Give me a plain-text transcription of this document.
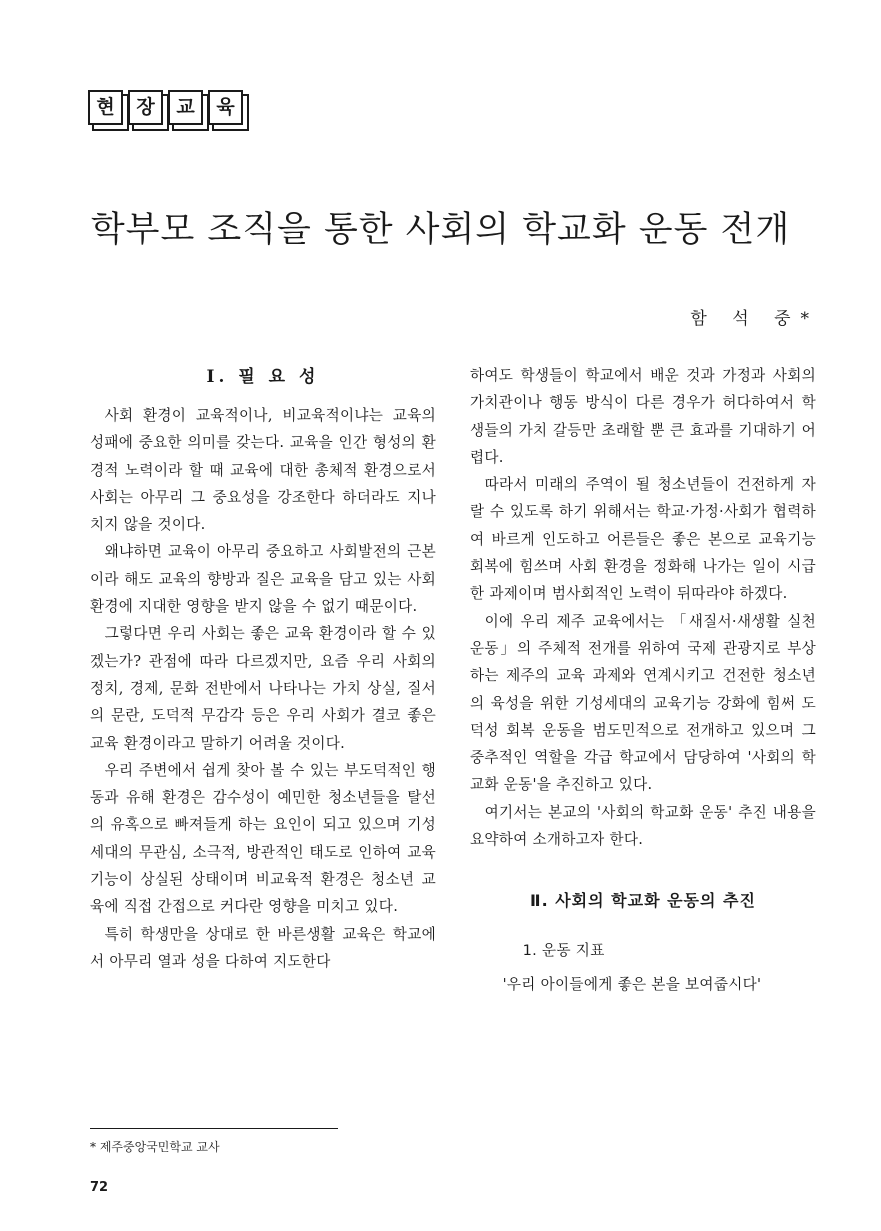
현	장	교	육
학부모 조직을 통한 사회의 학교화 운동 전개

함 석 중*

Ⅰ. 필 요 성

사회 환경이 교육적이나, 비교육적이냐는 교육의 성패에 중요한 의미를 갖는다. 교육을 인간 형성의 환경적 노력이라 할 때 교육에 대한 총체적 환경으로서 사회는 아무리 그 중요성을 강조한다 하더라도 지나치지 않을 것이다.

왜냐하면 교육이 아무리 중요하고 사회발전의 근본이라 해도 교육의 향방과 질은 교육을 담고 있는 사회 환경에 지대한 영향을 받지 않을 수 없기 때문이다.

그렇다면 우리 사회는 좋은 교육 환경이라 할 수 있겠는가? 관점에 따라 다르겠지만, 요즘 우리 사회의 정치, 경제, 문화 전반에서 나타나는 가치 상실, 질서의 문란, 도덕적 무감각 등은 우리 사회가 결코 좋은 교육 환경이라고 말하기 어려울 것이다.

우리 주변에서 쉽게 찾아 볼 수 있는 부도덕적인 행동과 유해 환경은 감수성이 예민한 청소년들을 탈선의 유혹으로 빠져들게 하는 요인이 되고 있으며 기성 세대의 무관심, 소극적, 방관적인 태도로 인하여 교육 기능이 상실된 상태이며 비교육적 환경은 청소년 교육에 직접 간접으로 커다란 영향을 미치고 있다.

특히 학생만을 상대로 한 바른생활 교육은 학교에서 아무리 열과 성을 다하여 지도한다

하여도 학생들이 학교에서 배운 것과 가정과 사회의 가치관이나 행동 방식이 다른 경우가 허다하여서 학생들의 가치 갈등만 초래할 뿐 큰 효과를 기대하기 어렵다.

따라서 미래의 주역이 될 청소년들이 건전하게 자랄 수 있도록 하기 위해서는 학교·가정·사회가 협력하여 바르게 인도하고 어른들은 좋은 본으로 교육기능 회복에 힘쓰며 사회 환경을 정화해 나가는 일이 시급한 과제이며 범사회적인 노력이 뒤따라야 하겠다.

이에 우리 제주 교육에서는 「새질서·새생활 실천 운동」의 주체적 전개를 위하여 국제 관광지로 부상하는 제주의 교육 과제와 연계시키고 건전한 청소년의 육성을 위한 기성세대의 교육기능 강화에 힘써 도덕성 회복 운동을 범도민적으로 전개하고 있으며 그 중추적인 역할을 각급 학교에서 담당하여 '사회의 학교화 운동'을 추진하고 있다.

여기서는 본교의 '사회의 학교화 운동' 추진 내용을 요약하여 소개하고자 한다.

Ⅱ. 사회의 학교화 운동의 추진

1. 운동 지표

'우리 아이들에게 좋은 본을 보여줍시다'

* 제주중앙국민학교 교사

72
